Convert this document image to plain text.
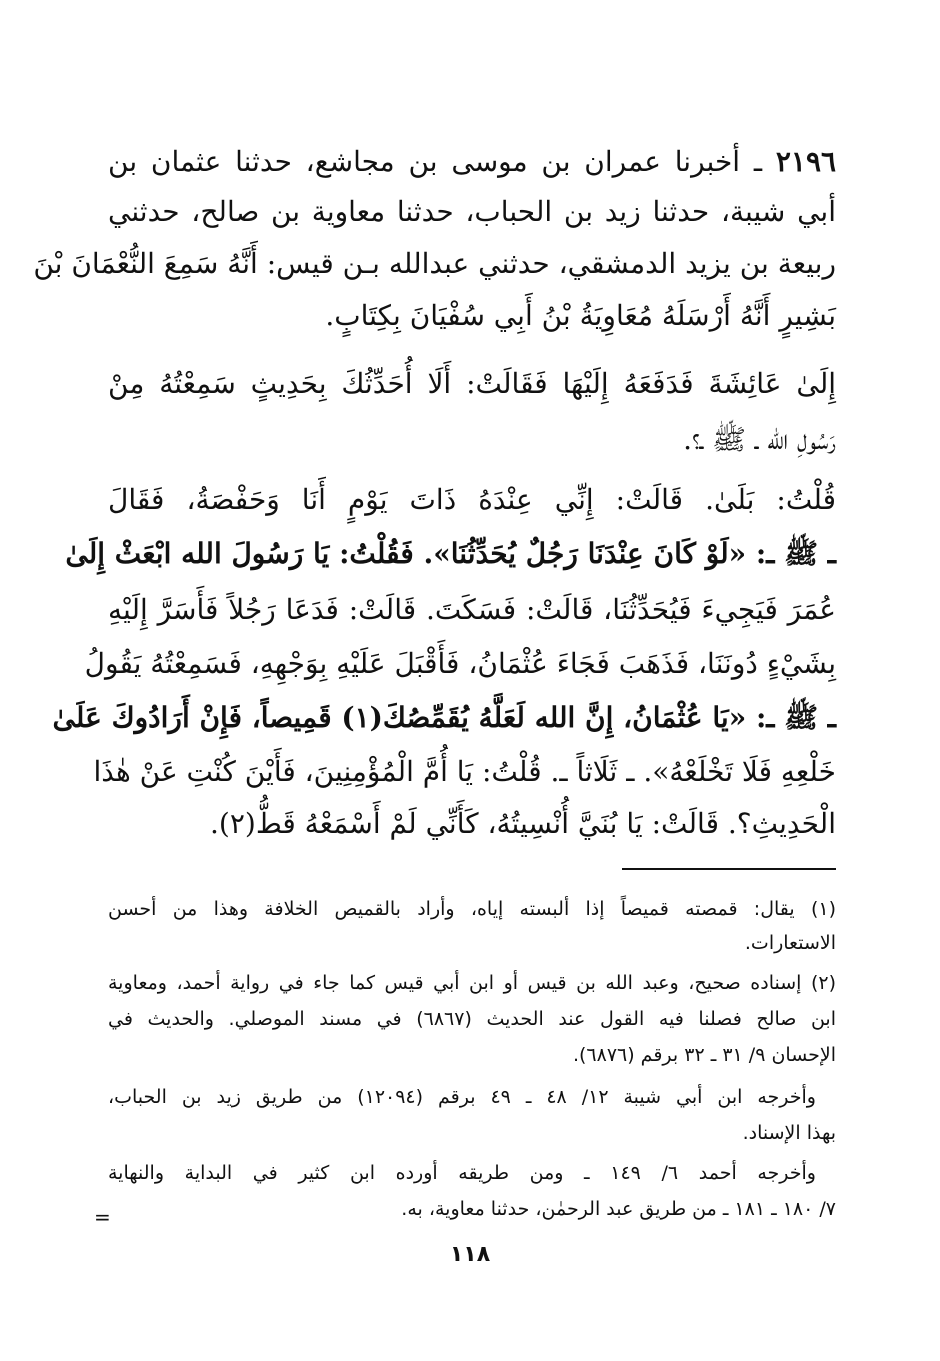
٢١٩٦ ـ أخبرنا عمران بن موسى بن مجاشع، حدثنا عثمان بن
أبي شيبة، حدثنا زيد بن الحباب، حدثنا معاوية بن صالح، حدثني
ربيعة بن يزيد الدمشقي، حدثني عبدالله بـن قيس: أَنَّهُ سَمِعَ النُّعْمَانَ بْنَ
بَشِيرٍ أَنَّهُ أَرْسَلَهُ مُعَاوِيَةُ بْنُ أَبِي سُفْيَانَ بِكِتَابٍ.
إِلَىٰ عَائِشَةَ فَدَفَعَهُ إِلَيْهَا فَقَالَتْ: أَلَا أُحَدِّثُكَ بِحَدِيثٍ سَمِعْتُهُ مِنْ
رَسُولِ الله ـ ﷺ ـ؟.
قُلْتُ: بَلَىٰ. قَالَتْ: إِنِّي عِنْدَهُ ذَاتَ يَوْمٍ أَنَا وَحَفْصَةُ، فَقَالَ
ـ ﷺ ـ: «لَوْ كَانَ عِنْدَنَا رَجُلٌ يُحَدِّثُنَا». فَقُلْتُ: يَا رَسُولَ الله ابْعَثْ إِلَىٰ
عُمَرَ فَيَجِيءَ فَيُحَدِّثُنَا، قَالَتْ: فَسَكَتَ. قَالَتْ: فَدَعَا رَجُلاً فَأَسَرَّ إِلَيْهِ
بِشَيْءٍ دُونَنَا، فَذَهَبَ فَجَاءَ عُثْمَانُ، فَأَقْبَلَ عَلَيْهِ بِوَجْهِهِ، فَسَمِعْتُهُ يَقُولُ
ـ ﷺ ـ: «يَا عُثْمَانُ، إِنَّ الله لَعَلَّهُ يُقَمِّصُكَ(١) قَمِيصاً، فَإِنْ أَرَادُوكَ عَلَىٰ
خَلْعِهِ فَلَا تَخْلَعْهُ». ـ ثَلَاثاً ـ. قُلْتُ: يَا أُمَّ الْمُؤْمِنِينَ، فَأَيْنَ كُنْتِ عَنْ هٰذَا
الْحَدِيثِ؟. قَالَتْ: يَا بُنَيَّ أُنْسِيتُهُ، كَأَنِّي لَمْ أَسْمَعْهُ قَطُّ(٢).
(١) يقال: قمصته قميصاً إذا ألبسته إياه، وأراد بالقميص الخلافة وهذا من أحسن
الاستعارات.
(٢) إسناده صحيح، وعبد الله بن قيس أو ابن أبي قيس كما جاء في رواية أحمد، ومعاوية
ابن صالح فصلنا فيه القول عند الحديث (٦٨٦٧) في مسند الموصلي. والحديث في
الإحسان ٩/ ٣١ ـ ٣٢ برقم (٦٨٧٦).
وأخرجه ابن أبي شيبة ١٢/ ٤٨ ـ ٤٩ برقم (١٢٠٩٤) من طريق زيد بن الحباب،
بهذا الإسناد.
وأخرجه أحمد ٦/ ١٤٩ ـ ومن طريقه أورده ابن كثير في البداية والنهاية
٧/ ١٨٠ ـ ١٨١ ـ من طريق عبد الرحمٰن، حدثنا معاوية، به.
=
١١٨
